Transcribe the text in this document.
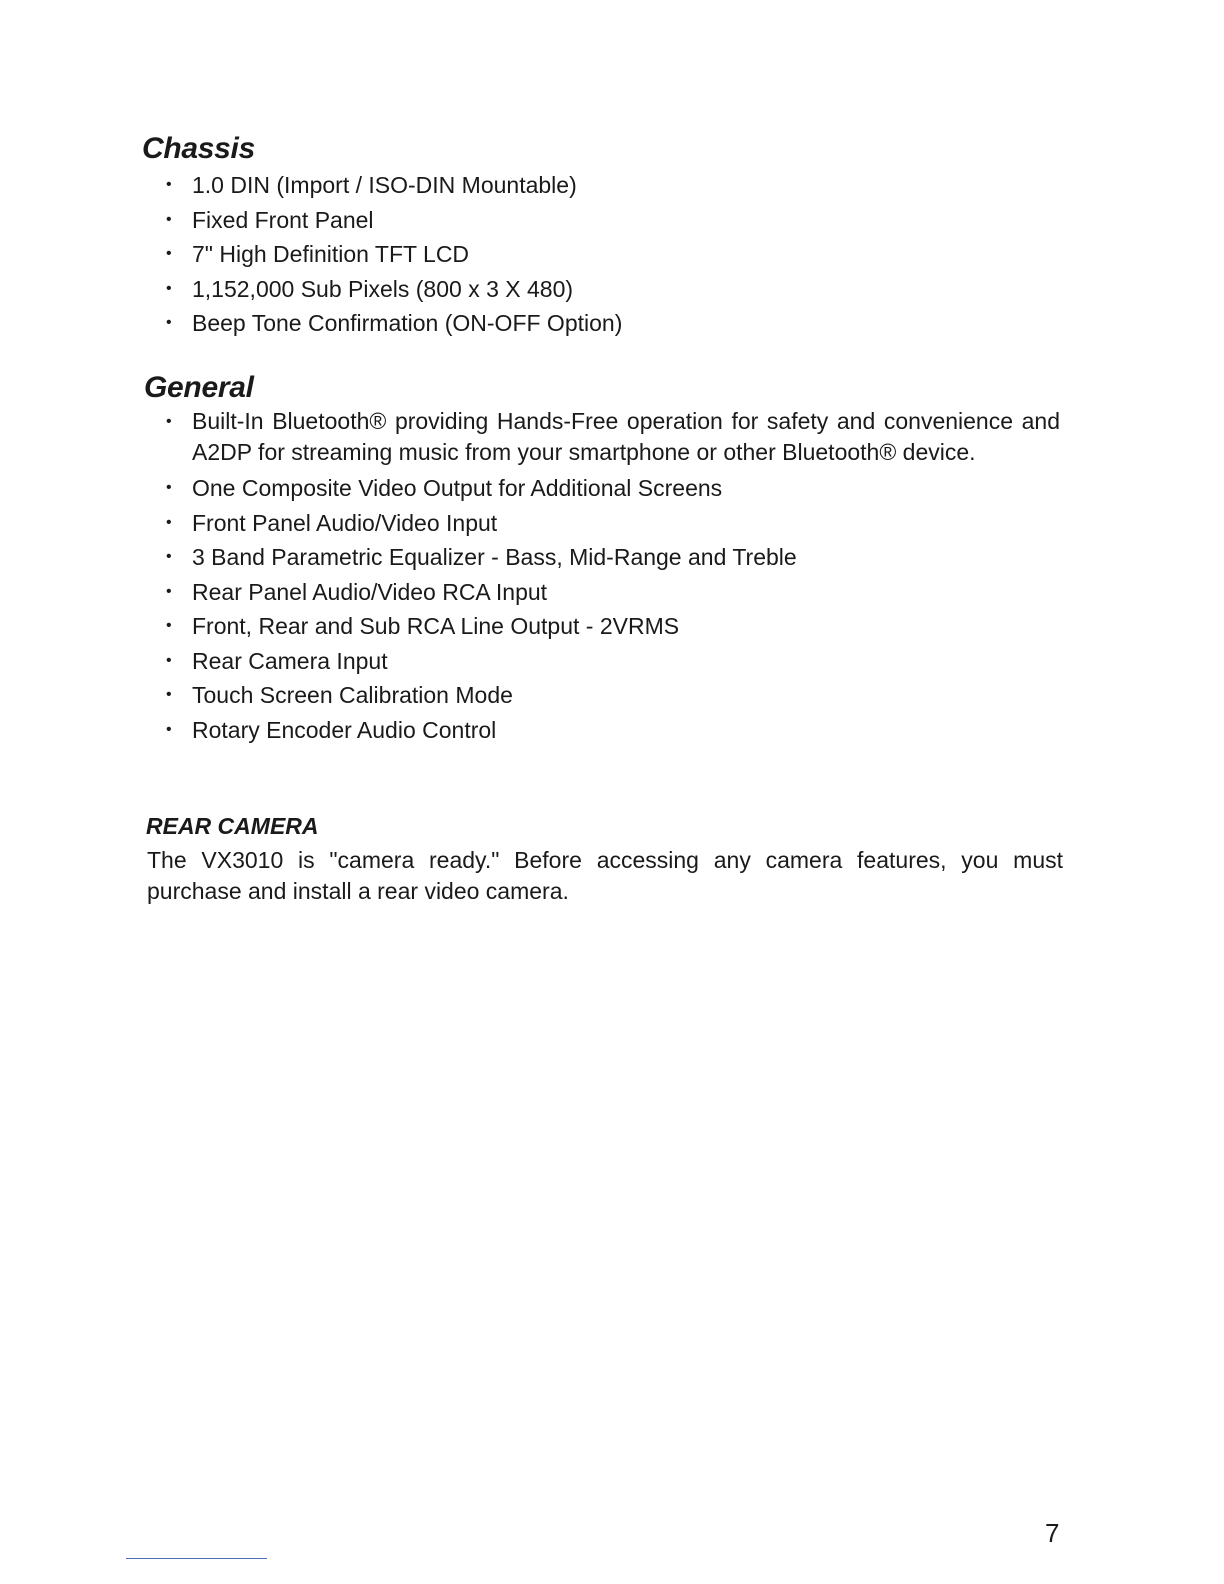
Chassis
• 1.0 DIN (Import / ISO-DIN Mountable)
• Fixed Front Panel
• 7" High Definition TFT LCD
• 1,152,000 Sub Pixels (800 x 3 X 480)
• Beep Tone Confirmation (ON-OFF Option)
General
• Built-In Bluetooth® providing Hands-Free operation for safety and convenience and A2DP for streaming music from your smartphone or other Bluetooth® device.
• One Composite Video Output for Additional Screens
• Front Panel Audio/Video Input
• 3 Band Parametric Equalizer - Bass, Mid-Range and Treble
• Rear Panel Audio/Video RCA Input
• Front, Rear and Sub RCA Line Output - 2VRMS
• Rear Camera Input
• Touch Screen Calibration Mode
• Rotary Encoder Audio Control
REAR CAMERA

The VX3010 is "camera ready." Before accessing any camera features, you must purchase and install a rear video camera.

7
